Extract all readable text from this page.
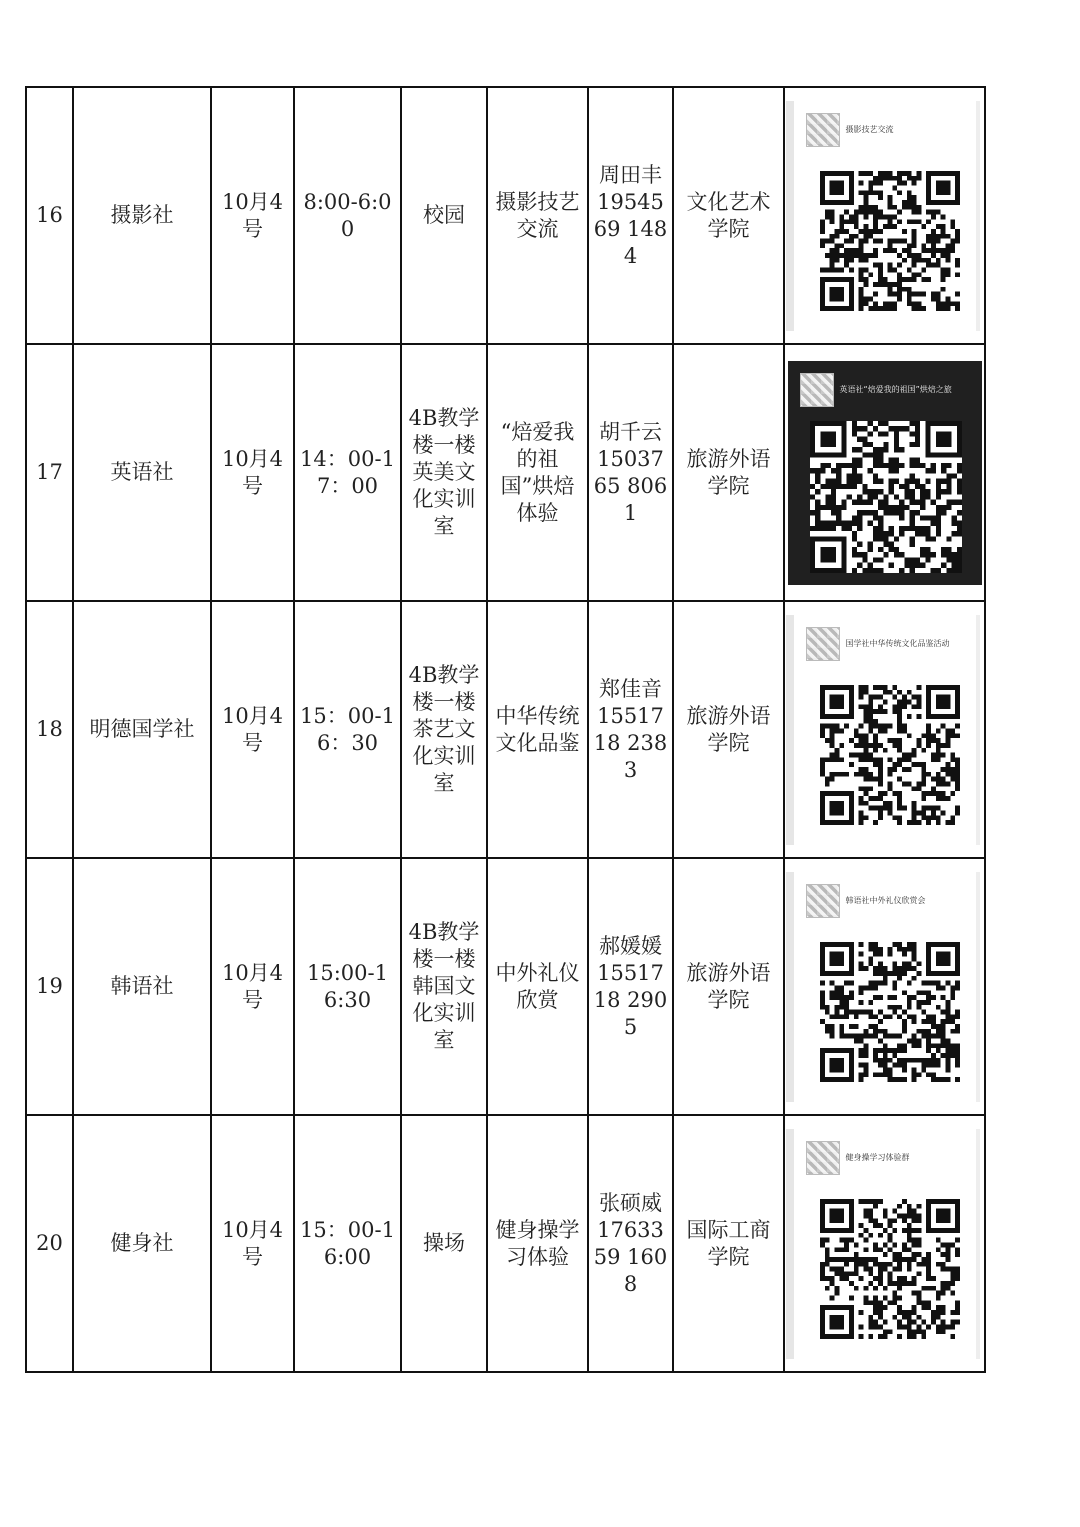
16	摄影社	10月4号	8:00-6:00	校园	摄影技艺交流	周田丰1954569 1484	文化艺术学院	摄影技艺交流

17	英语社	10月4号	14：00-17：00	4B教学楼一楼英美文化实训室	“焙爱我的祖国”烘焙体验	胡千云1503765 8061	旅游外语学院	英语社“焙爱我的祖国”烘焙之旅

18	明德国学社	10月4号	15：00-16：30	4B教学楼一楼茶艺文化实训室	中华传统文化品鉴	郑佳音1551718 2383	旅游外语学院	国学社中华传统文化品鉴活动

19	韩语社	10月4号	15:00-16:30	4B教学楼一楼韩国文化实训室	中外礼仪欣赏	郝媛媛1551718 2905	旅游外语学院	韩语社中外礼仪欣赏会

20	健身社	10月4号	15：00-16:00	操场	健身操学习体验	张硕威1763359 1608	国际工商学院	健身操学习体验群
